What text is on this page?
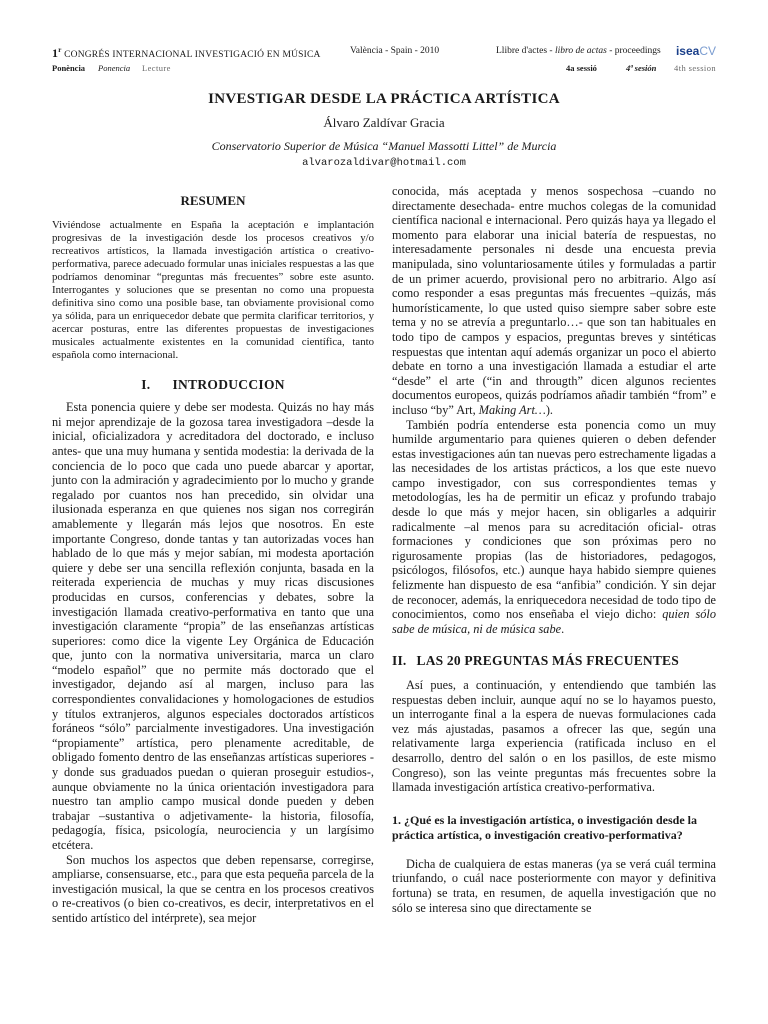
1$^r$ CONGRÉS INTERNACIONAL INVESTIGACIÓ EN MÚSICA	València - Spain - 2010	Llibre d'actes - libro de actas - proceedings iseaCV
Ponència Ponencia Lecture	4a sessió	4ª sesión 4th session
INVESTIGAR DESDE LA PRÁCTICA ARTÍSTICA
Álvaro Zaldívar Gracia
Conservatorio Superior de Música “Manuel Massotti Littel” de Murcia
alvarozaldivar@hotmail.com
RESUMEN

Viviéndose actualmente en España la aceptación e implantación progresivas de la investigación desde los procesos creativos y/o recreativos artísticos, la llamada investigación artística o creativo-performativa, parece adecuado formular unas iniciales respuestas a las que podríamos denominar “preguntas más frecuentes” sobre este asunto. Interrogantes y soluciones que se presentan no como una propuesta definitiva sino como una posible base, tan obviamente provisional como ya sólida, para un enriquecedor debate que permita clarificar territorios, y acercar posturas, entre las diferentes propuestas de investigaciones musicales actualmente existentes en la comunidad científica, tanto española como internacional.

I. INTRODUCCION

Esta ponencia quiere y debe ser modesta. Quizás no hay más ni mejor aprendizaje de la gozosa tarea investigadora –desde la inicial, oficializadora y acreditadora del doctorado, e incluso antes- que una muy humana y sentida modestia: la derivada de la conciencia de lo poco que cada uno puede abarcar y aportar, junto con la admiración y agradecimiento por lo mucho y grande regalado por cuantos nos han precedido, sin olvidar una ilusionada esperanza en que quienes nos sigan nos corregirán amablemente y llegarán más lejos que nosotros. En este importante Congreso, donde tantas y tan autorizadas voces han hablado de lo que más y mejor sabían, mi modesta aportación quiere y debe ser una sencilla reflexión conjunta, basada en la reiterada experiencia de muchas y muy ricas discusiones producidas en cursos, conferencias y debates, sobre la investigación llamada creativo-performativa en tanto que una investigación claramente “propia” de las enseñanzas artísticas superiores: como dice la vigente Ley Orgánica de Educación que, junto con la normativa universitaria, marca un claro “modelo español” que no permite más doctorado que el investigador, dejando así al margen, incluso para las correspondientes convalidaciones y homologaciones de estudios y títulos extranjeros, algunos especiales doctorados artísticos foráneos “sólo” parcialmente investigadores. Una investigación “propiamente” artística, pero plenamente acreditable, de obligado fomento dentro de las enseñanzas artísticas superiores -y donde sus graduados puedan o quieran proseguir estudios-, aunque obviamente no la única orientación investigadora para nuestro tan amplio campo musical donde pueden y deben trabajar –sustantiva o adjetivamente- la historia, filosofía, pedagogía, física, psicología, neurociencia y un largísimo etcétera.

Son muchos los aspectos que deben repensarse, corregirse, ampliarse, consensuarse, etc., para que esta pequeña parcela de la investigación musical, la que se centra en los procesos creativos o re-creativos (o bien co-creativos, es decir, interpretativos en el sentido artístico del intérprete), sea mejor

conocida, más aceptada y menos sospechosa –cuando no directamente desechada- entre muchos colegas de la comunidad científica nacional e internacional. Pero quizás haya ya llegado el momento para elaborar una inicial batería de respuestas, no interesadamente personales ni desde una encuesta previa manipulada, sino voluntariosamente útiles y formuladas a partir de un primer acuerdo, provisional pero no arbitrario. Algo así como responder a esas preguntas más frecuentes –quizás, más humorísticamente, lo que usted quiso siempre saber sobre este tema y no se atrevía a preguntarlo…- que son tan habituales en todo tipo de campos y espacios, preguntas breves y sintéticas respuestas que intentan aquí además organizar un poco el abierto debate en torno a una investigación llamada a estudiar el arte “desde” el arte (“in and througth” dicen algunos recientes documentos europeos, quizás podríamos añadir también “from” e incluso “by” Art, Making Art…).

También podría entenderse esta ponencia como un muy humilde argumentario para quienes quieren o deben defender estas investigaciones aún tan nuevas pero estrechamente ligadas a las necesidades de los artistas prácticos, a los que este nuevo campo investigador, con sus correspondientes temas y metodologías, les ha de permitir un eficaz y profundo trabajo desde lo que más y mejor hacen, sin obligarles a adquirir radicalmente –al menos para su acreditación oficial- otras formaciones y condiciones que son próximas pero no rigurosamente propias (las de historiadores, pedagogos, psicólogos, filósofos, etc.) aunque haya habido siempre quienes felizmente han dispuesto de esa “anfibia” condición. Y sin dejar de reconocer, además, la enriquecedora necesidad de todo tipo de conocimientos, como nos enseñaba el viejo dicho: quien sólo sabe de música, ni de música sabe.

II. LAS 20 PREGUNTAS MÁS FRECUENTES

Así pues, a continuación, y entendiendo que también las respuestas deben incluir, aunque aquí no se lo hayamos puesto, un interrogante final a la espera de nuevas formulaciones cada vez más ajustadas, pasamos a ofrecer las que, según una relativamente larga experiencia (ratificada incluso en el desarrollo, dentro del salón o en los pasillos, de este mismo Congreso), son las veinte preguntas más frecuentes sobre la llamada investigación artística creativo-performativa.

1. ¿Qué es la investigación artística, o investigación desde la práctica artística, o investigación creativo-performativa?

Dicha de cualquiera de estas maneras (ya se verá cuál termina triunfando, o cuál nace posteriormente con mayor y definitiva fortuna) se trata, en resumen, de aquella investigación que no sólo se interesa sino que directamente se
